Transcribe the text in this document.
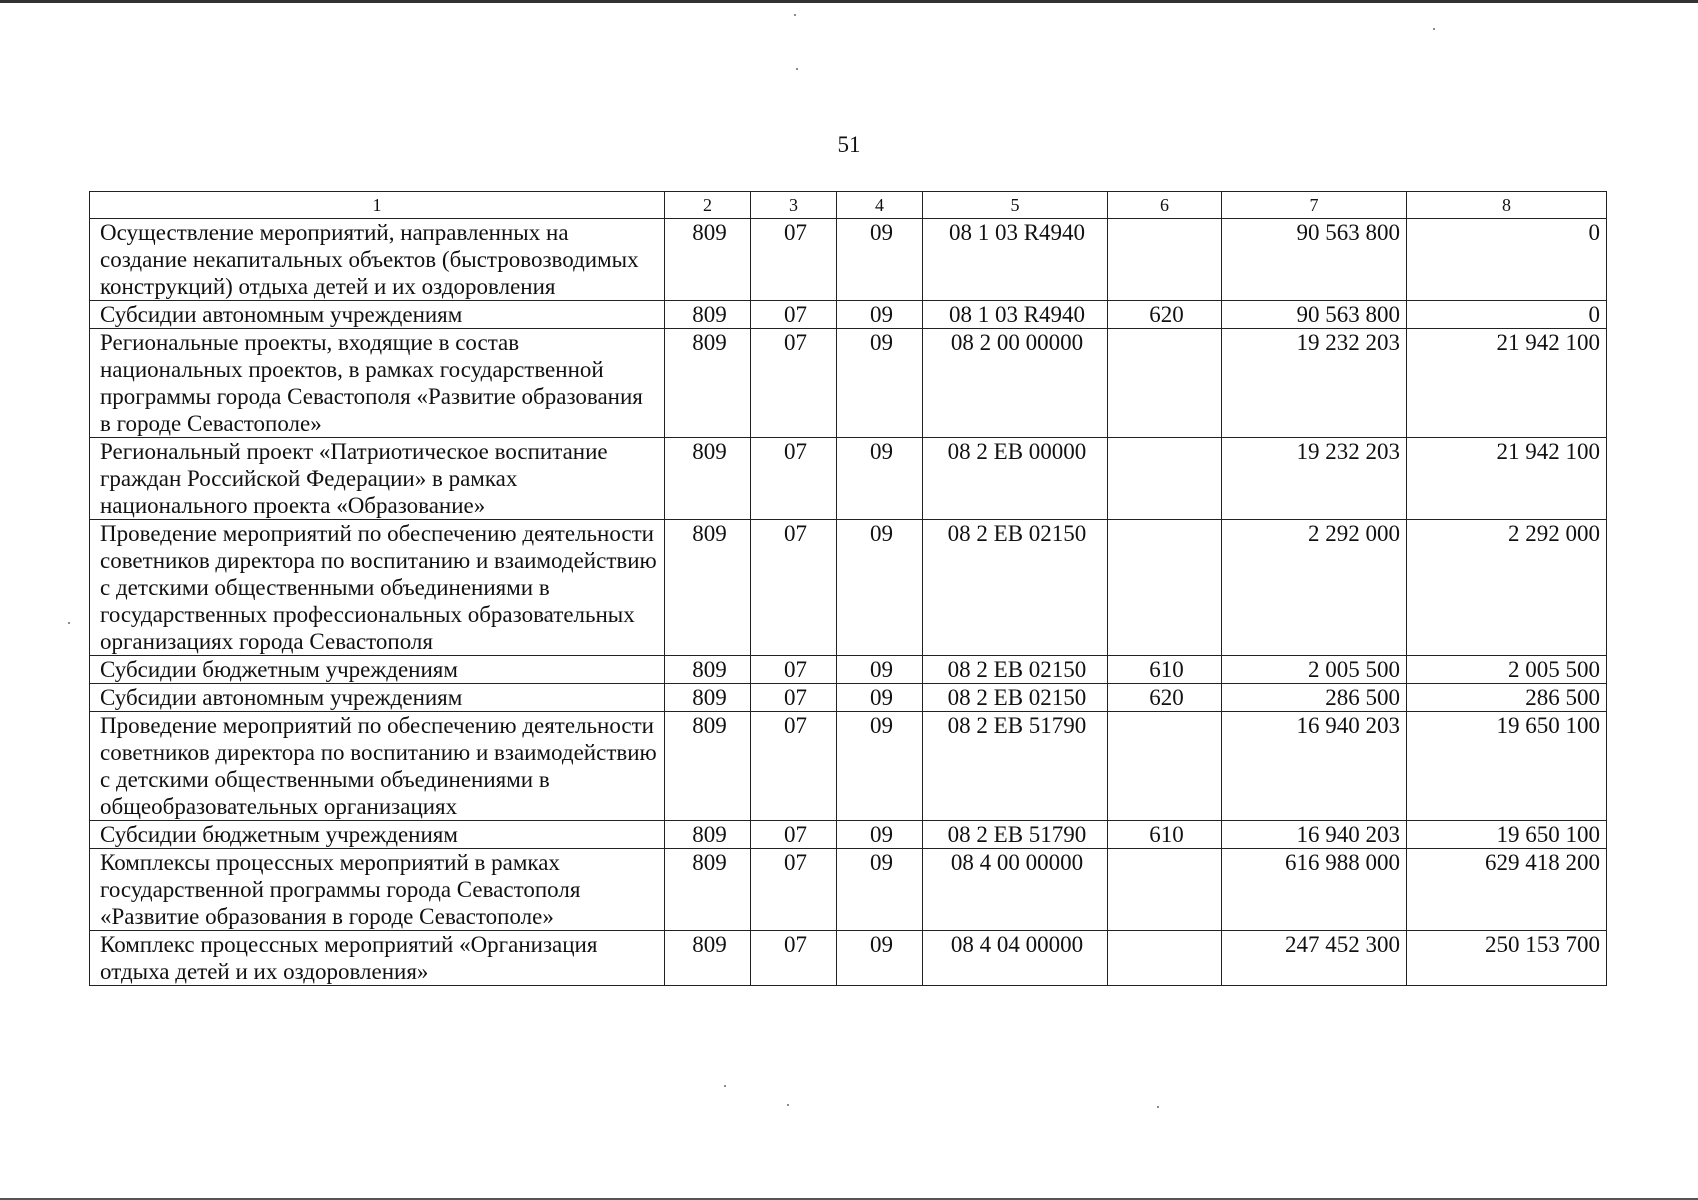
51
1	2	3	4	5	6	7	8
Осуществление мероприятий, направленных на создание некапитальных объектов (быстровозводимых конструкций) отдыха детей и их оздоровления	809	07	09	08 1 03 R4940		90 563 800	0
Субсидии автономным учреждениям	809	07	09	08 1 03 R4940	620	90 563 800	0
Региональные проекты, входящие в состав национальных проектов, в рамках государственной программы города Севастополя «Развитие образования в городе Севастополе»	809	07	09	08 2 00 00000		19 232 203	21 942 100
Региональный проект «Патриотическое воспитание граждан Российской Федерации» в рамках национального проекта «Образование»	809	07	09	08 2 EB 00000		19 232 203	21 942 100
Проведение мероприятий по обеспечению деятельности советников директора по воспитанию и взаимодействию с детскими общественными объединениями в государственных профессиональных образовательных организациях города Севастополя	809	07	09	08 2 EB 02150		2 292 000	2 292 000
Субсидии бюджетным учреждениям	809	07	09	08 2 EB 02150	610	2 005 500	2 005 500
Субсидии автономным учреждениям	809	07	09	08 2 EB 02150	620	286 500	286 500
Проведение мероприятий по обеспечению деятельности советников директора по воспитанию и взаимодействию с детскими общественными объединениями в общеобразовательных организациях	809	07	09	08 2 EB 51790		16 940 203	19 650 100
Субсидии бюджетным учреждениям	809	07	09	08 2 EB 51790	610	16 940 203	19 650 100
Комплексы процессных мероприятий в рамках государственной программы города Севастополя «Развитие образования в городе Севастополе»	809	07	09	08 4 00 00000		616 988 000	629 418 200
Комплекс процессных мероприятий «Организация отдыха детей и их оздоровления»	809	07	09	08 4 04 00000		247 452 300	250 153 700
